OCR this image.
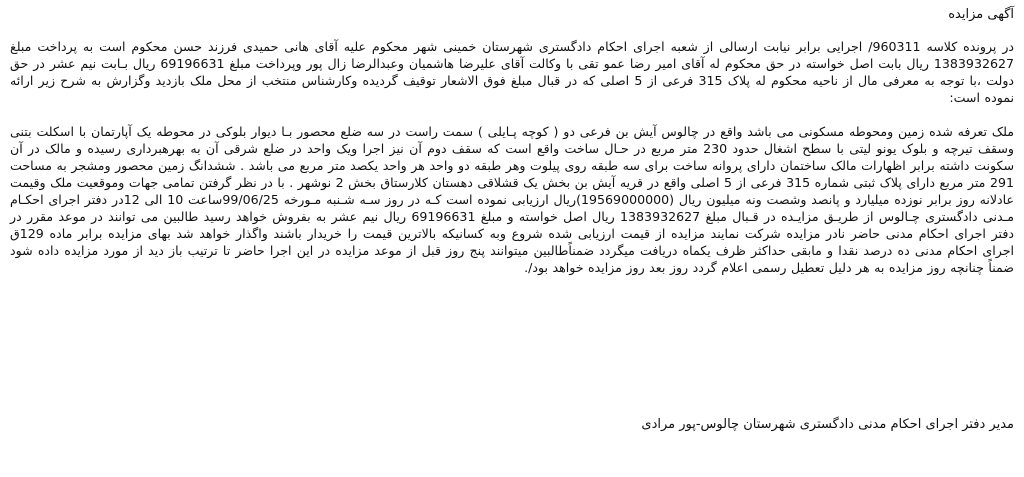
آگهی مزایده

در پرونده کلاسه 960311/ اجرایی برابر نیابت ارسالی از شعبه اجرای احکام دادگستری شهرستان خمینی شهر محکوم علیه آقای هانی حمیدی فرزند حسن محکوم است به پرداخت مبلغ 1383932627 ریال بابت اصل خواسته در حق محکوم له آقای امیر رضا عمو تقی با وکالت آقای علیرضا هاشمیان وعبدالرضا زال پور وپرداخت مبلغ 69196631 ریال بـابت نیم عشر در حق دولت ،با توجه به معرفی مال از ناحیه محکوم له پلاک 315 فرعی از 5 اصلی که در قبال مبلغ فوق الاشعار توقیف گردیده وکارشناس منتخب از محل ملک بازدید وگزارش به شرح زیر ارائه نموده است:

ملک تعرفه شده زمین ومحوطه مسکونی می باشد واقع در چالوس آیش بن فرعی دو ( کوچه پـایلی ) سمت راست در سه ضلع محصور بـا دیوار بلوکی در محوطه یک آپارتمان با اسکلت بتنی وسقف تیرچه و بلوک یونو لیتی با سطح اشغال حدود 230 متر مربع در حـال ساخت واقع است که سقف دوم آن نیز اجرا ویک واحد در ضلع شرقی آن به بهرهبرداری رسیده و مالک در آن سکونت داشته برابر اظهارات مالک ساختمان دارای پروانه ساخت برای سه طبقه روی پیلوت وهر طبقه دو واحد هر واحد یکصد متر مربع می باشد . ششدانگ زمین محصور ومشجر به مساحت 291 متر مربع دارای پلاک ثبتی شماره 315 فرعی از 5 اصلی واقع در قریه آیش بن بخش یک قشلاقی دهستان کلارستاق بخش 2 نوشهر . با در نظر گرفتن تمامی جهات وموقعیت ملک وقیمت عادلانه روز برابر نوزده میلیارد و پانصد وشصت ونه میلیون ریال (19569000000)ریال ارزیابی نموده است کـه در روز سـه شـنبه مـورخه 99/06/25ساعت 10 الی 12در دفتر اجرای احکـام مـدنی دادگستری چـالوس از طریـق مزایـده در قـبال مبلغ 1383932627 ریال اصل خواسته و مبلغ 69196631 ریال نیم عشر به بفروش خواهد رسید طالبین می توانند در موعد مقرر در دفتر اجرای احکام مدنی حاضر نادر مزایده شرکت نمایند مزایده از قیمت ارزیابی شده شروع وبه کسانیکه بالاترین قیمت را خریدار باشند واگذار خواهد شد بهای مزایده برابر ماده 129ق اجرای احکام مدنی ده درصد نقدا و مابقی حداکثر ظرف یکماه دریافت میگردد ضمناًطالبین میتوانند پنج روز قبل از موعد مزایده در این اجرا حاضر تا ترتیب باز دید از مورد مزایده داده شود ضمناً چنانچه روز مزایده به هر دلیل تعطیل رسمی اعلام گردد روز بعد روز مزایده خواهد بود/.

مدیر دفتر اجرای احکام مدنی دادگستری شهرستان چالوس-پور مرادی
